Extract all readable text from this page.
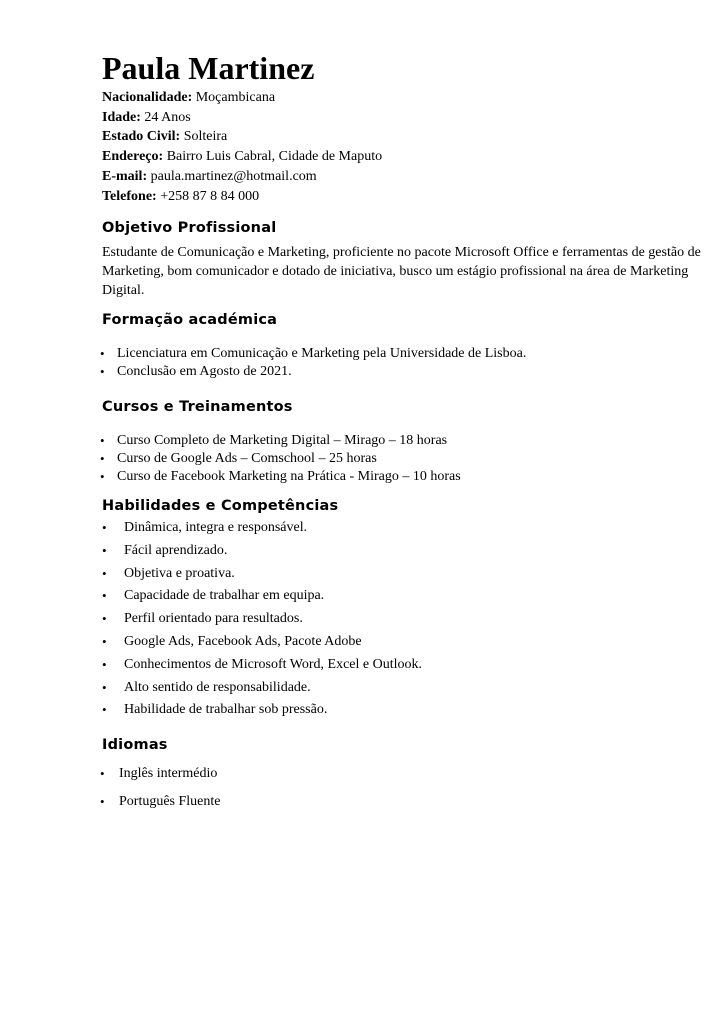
Paula Martinez
Nacionalidade: Moçambicana
Idade: 24 Anos
Estado Civil: Solteira
Endereço: Bairro Luis Cabral, Cidade de Maputo
E-mail: paula.martinez@hotmail.com
Telefone: +258 87 8 84 000
Objetivo Profissional

Estudante de Comunicação e Marketing, proficiente no pacote Microsoft Office e ferramentas de gestão de Marketing, bom comunicador e dotado de iniciativa, busco um estágio profissional na área de Marketing Digital.

Formação académica
• Licenciatura em Comunicação e Marketing pela Universidade de Lisboa.
• Conclusão em Agosto de 2021.
Cursos e Treinamentos
• Curso Completo de Marketing Digital – Mirago – 18 horas
• Curso de Google Ads – Comschool – 25 horas
• Curso de Facebook Marketing na Prática - Mirago – 10 horas
Habilidades e Competências
• Dinâmica, integra e responsável.
• Fácil aprendizado.
• Objetiva e proativa.
• Capacidade de trabalhar em equipa.
• Perfil orientado para resultados.
• Google Ads, Facebook Ads, Pacote Adobe
• Conhecimentos de Microsoft Word, Excel e Outlook.
• Alto sentido de responsabilidade.
• Habilidade de trabalhar sob pressão.
Idiomas
• Inglês intermédio
• Português Fluente
